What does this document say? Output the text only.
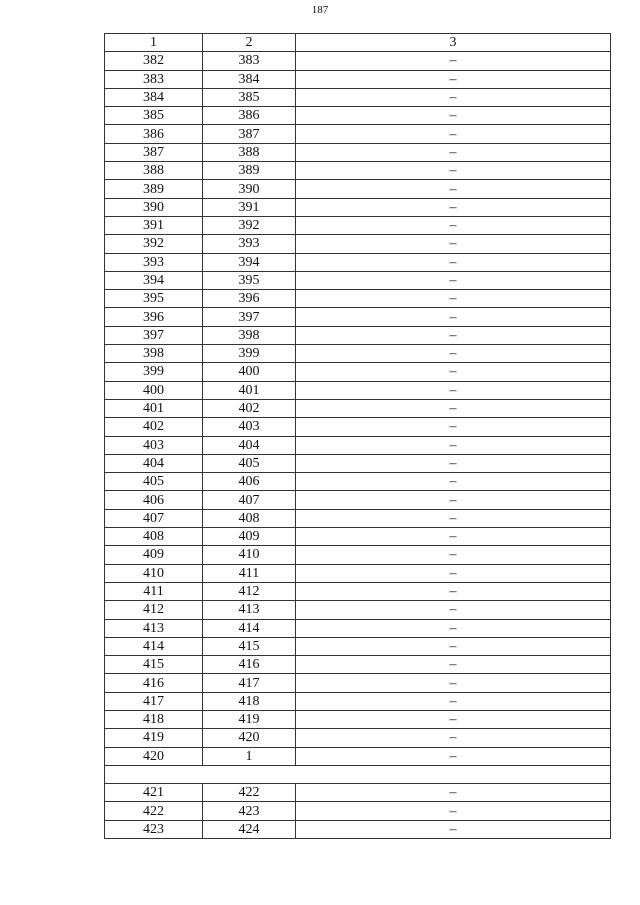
187
1	2	3
382	383	–
383	384	–
384	385	–
385	386	–
386	387	–
387	388	–
388	389	–
389	390	–
390	391	–
391	392	–
392	393	–
393	394	–
394	395	–
395	396	–
396	397	–
397	398	–
398	399	–
399	400	–
400	401	–
401	402	–
402	403	–
403	404	–
404	405	–
405	406	–
406	407	–
407	408	–
408	409	–
409	410	–
410	411	–
411	412	–
412	413	–
413	414	–
414	415	–
415	416	–
416	417	–
417	418	–
418	419	–
419	420	–
420	1	–

421	422	–
422	423	–
423	424	–
